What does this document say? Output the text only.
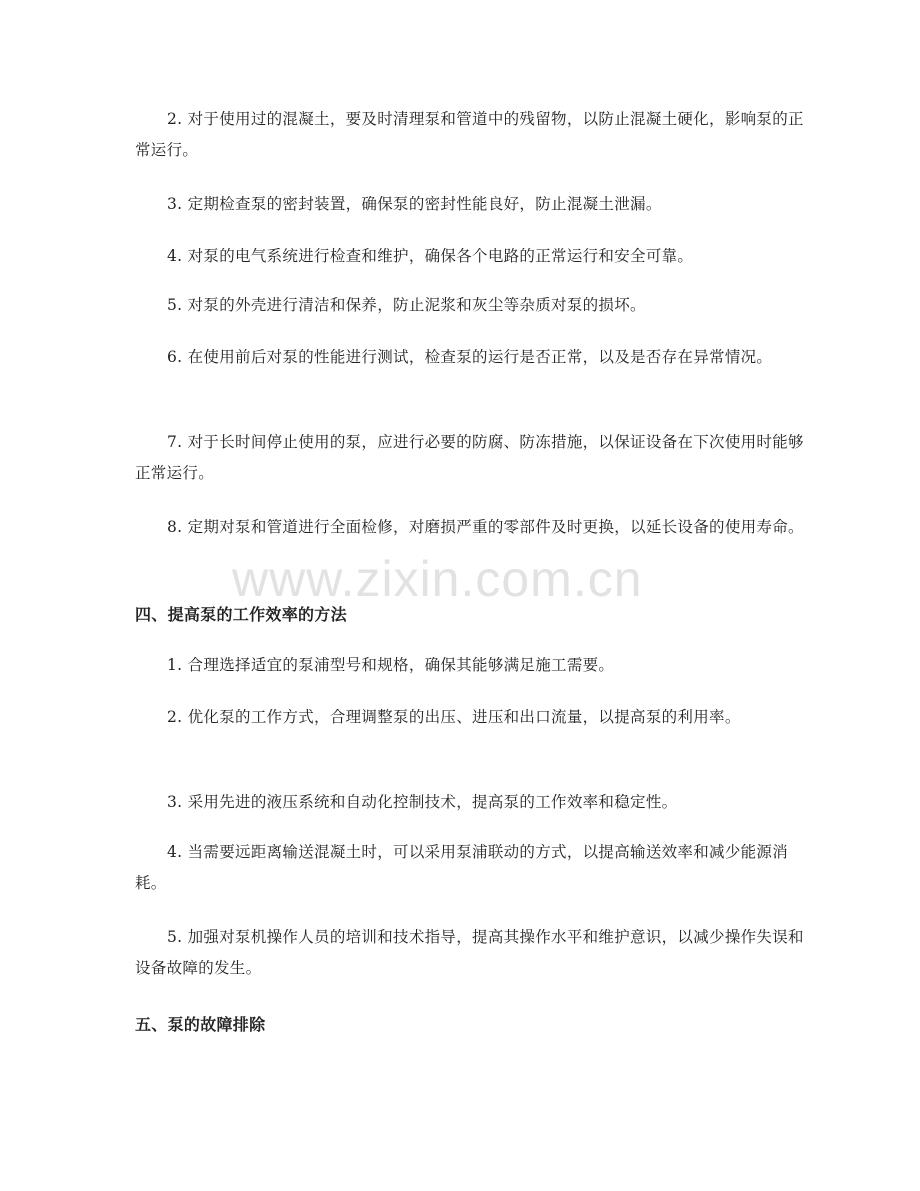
2. 对于使用过的混凝土，要及时清理泵和管道中的残留物，以防止混凝土硬化，影响泵的正常运行。

3. 定期检查泵的密封装置，确保泵的密封性能良好，防止混凝土泄漏。

4. 对泵的电气系统进行检查和维护，确保各个电路的正常运行和安全可靠。

5. 对泵的外壳进行清洁和保养，防止泥浆和灰尘等杂质对泵的损坏。

6. 在使用前后对泵的性能进行测试，检查泵的运行是否正常，以及是否存在异常情况。

7. 对于长时间停止使用的泵，应进行必要的防腐、防冻措施，以保证设备在下次使用时能够正常运行。

8. 定期对泵和管道进行全面检修，对磨损严重的零部件及时更换，以延长设备的使用寿命。

四、提高泵的工作效率的方法

1. 合理选择适宜的泵浦型号和规格，确保其能够满足施工需要。

2. 优化泵的工作方式，合理调整泵的出压、进压和出口流量，以提高泵的利用率。

3. 采用先进的液压系统和自动化控制技术，提高泵的工作效率和稳定性。

4. 当需要远距离输送混凝土时，可以采用泵浦联动的方式，以提高输送效率和减少能源消耗。

5. 加强对泵机操作人员的培训和技术指导，提高其操作水平和维护意识，以减少操作失误和设备故障的发生。

五、泵的故障排除
www.zixin.com.cn
